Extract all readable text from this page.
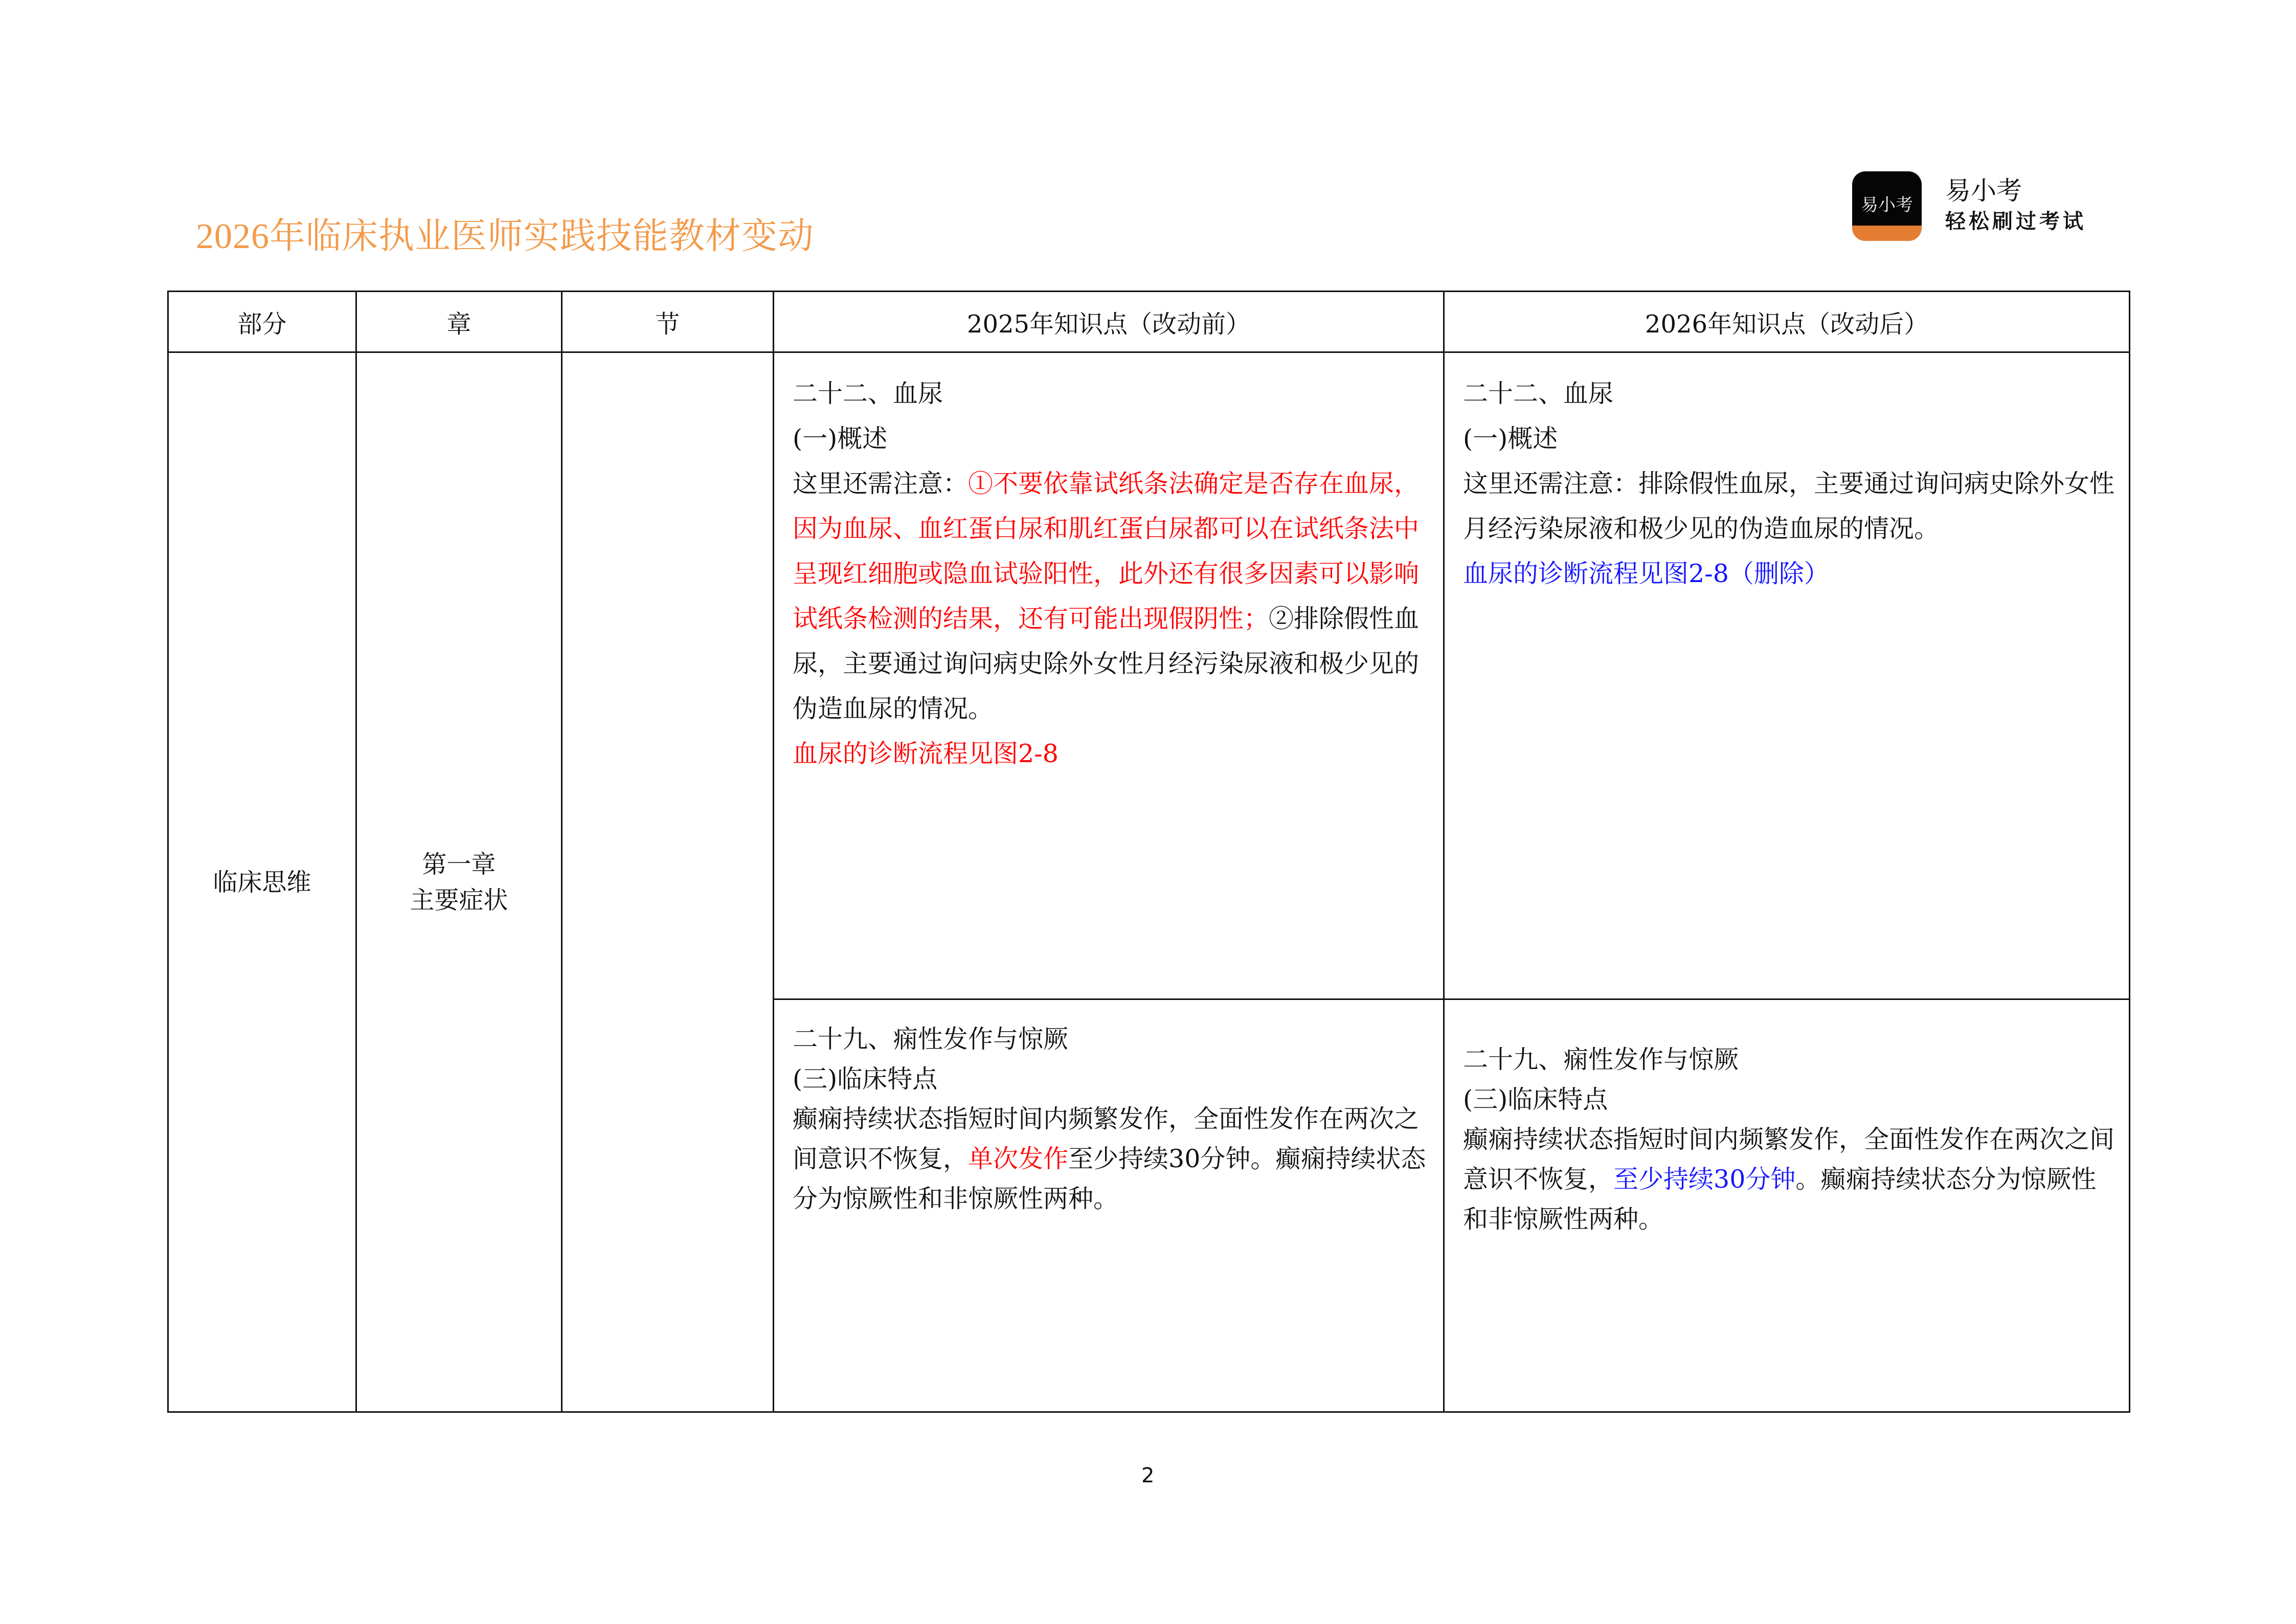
2026年临床执业医师实践技能教材变动
易小考	易小考
轻松刷过考试
部分	章	节	2025年知识点（改动前）	2026年知识点（改动后）
临床思维	第一章
主要症状		二十二、血尿
(一)概述
这里还需注意：①不要依靠试纸条法确定是否存在血尿，因为血尿、血红蛋白尿和肌红蛋白尿都可以在试纸条法中呈现红细胞或隐血试验阳性，此外还有很多因素可以影响试纸条检测的结果，还有可能出现假阴性；②排除假性血尿，主要通过询问病史除外女性月经污染尿液和极少见的伪造血尿的情况。
血尿的诊断流程见图2-8	二十二、血尿
(一)概述
这里还需注意：排除假性血尿，主要通过询问病史除外女性月经污染尿液和极少见的伪造血尿的情况。
血尿的诊断流程见图2-8（删除）

			二十九、痫性发作与惊厥
(三)临床特点
癫痫持续状态指短时间内频繁发作，全面性发作在两次之间意识不恢复，单次发作至少持续30分钟。癫痫持续状态分为惊厥性和非惊厥性两种。	二十九、痫性发作与惊厥
(三)临床特点
癫痫持续状态指短时间内频繁发作，全面性发作在两次之间意识不恢复，至少持续30分钟。癫痫持续状态分为惊厥性和非惊厥性两种。
2
